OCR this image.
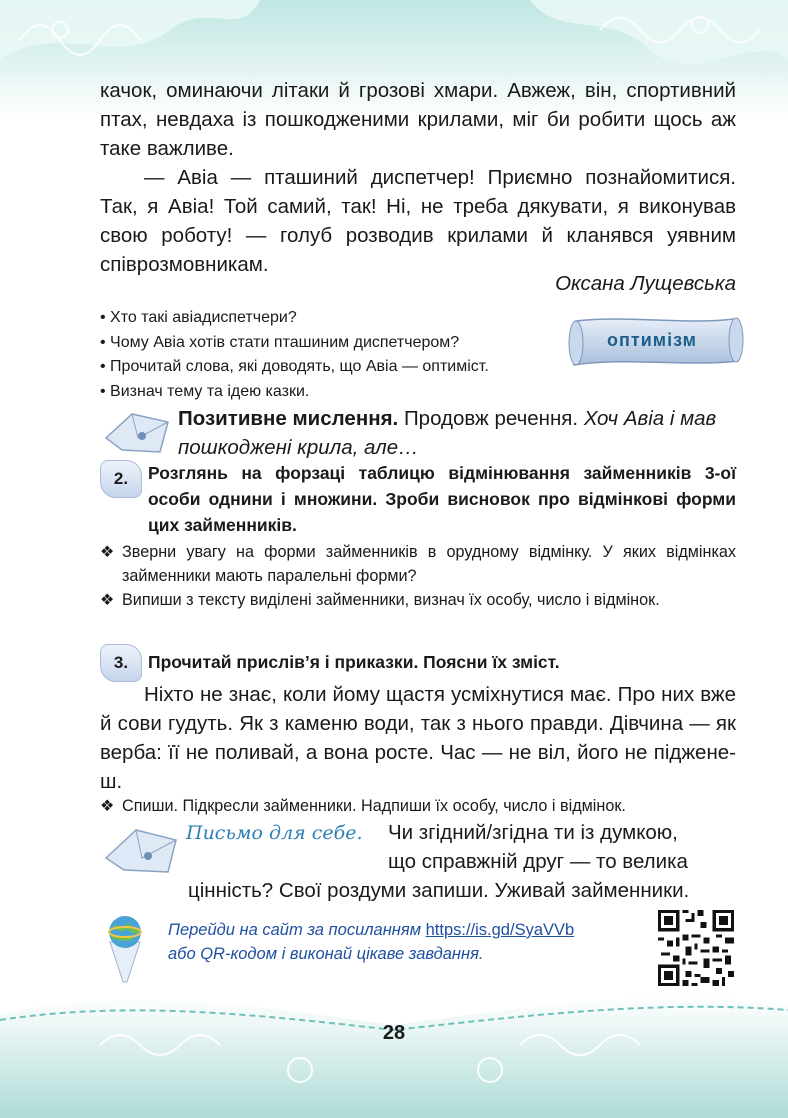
качок, оминаючи літаки й грозові хмари. Авжеж, він, спортивний птах, невдаха із пошкодженими крилами, міг би робити щось аж таке важливе.

— Авіа — пташиний диспетчер! Приємно познайомитися. Так, я Авіа! Той самий, так! Ні, не треба дякувати, я виконував свою роботу! — голуб розводив крилами й кланявся уявним співрозмовникам.

Оксана Лущевська
• Хто такі авіадиспетчери?
• Чому Авіа хотів стати пташиним диспетчером?
• Прочитай слова, які доводять, що Авіа — оптиміст.
• Визнач тему та ідею казки.
оптимізм
Позитивне мислення. Продовж речення. Хоч Авіа і мав пошкоджені крила, але…
2.	Розглянь на форзаці таблицю відмінювання займенників 3-ої особи однини і множини. Зроби висновок про відмінкові форми цих займенників.
❖ Зверни увагу на форми займенників в орудному відмінку. У яких відмінках займенники мають паралельні форми?
❖ Випиши з тексту виділені займенники, визнач їх особу, число і відмінок.
3.	Прочитай прислів’я і приказки. Поясни їх зміст.

Ніхто не знає, коли йому щастя усміхнутися має. Про них вже й сови гудуть. Як з каменю води, так з нього правди. Дівчина — як верба: її не поливай, а вона росте. Час — не віл, його не підженеш.

❖ Спиши. Підкресли займенники. Надпиши їх особу, число і відмінок.
Письмо для себе. Чи згідний/згідна ти із думкою,
що справжній друг — то велика
цінність? Свої роздуми запиши. Уживай займенники.
Перейди на сайт за посиланням https://is.gd/SyaVVb
або QR-кодом і виконай цікаве завдання.
28
